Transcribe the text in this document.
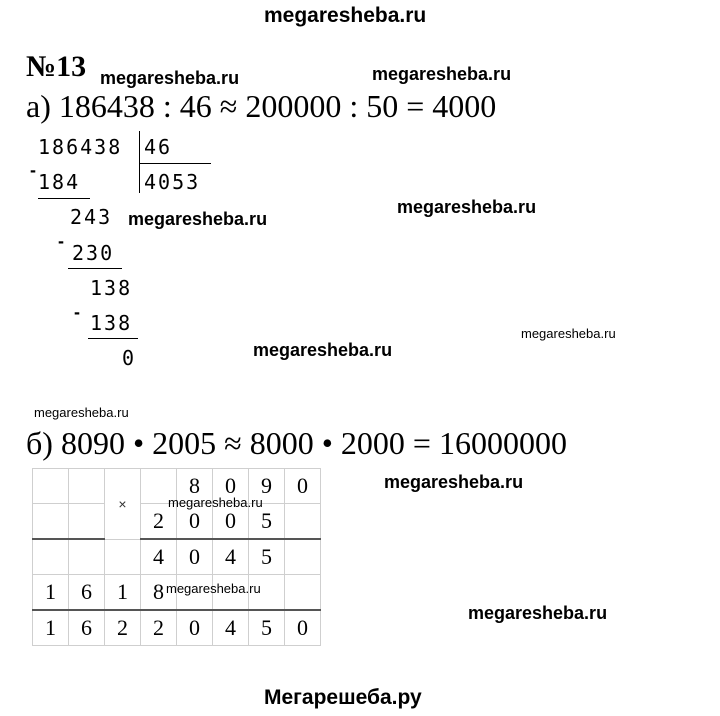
megaresheba.ru
megaresheba.ru	megaresheba.ru
megaresheba.ru
megaresheba.ru
megaresheba.ru
megaresheba.ru
megaresheba.ru
megaresheba.ru
megaresheba.ru
Мегарешеба.ру
№13
а) 186438 : 46 ≈ 200000 : 50 = 4000
186438 46
4053
- 184
243
- 230
138
- 138
0
б) 8090 • 2005 ≈ 8000 • 2000 = 16000000
		×		8	0	9	0
			2	0	0	5	
			4	0	4	5	
1	6	1	8				
1	6	2	2	0	4	5	0
megaresheba.ru
megaresheba.ru
